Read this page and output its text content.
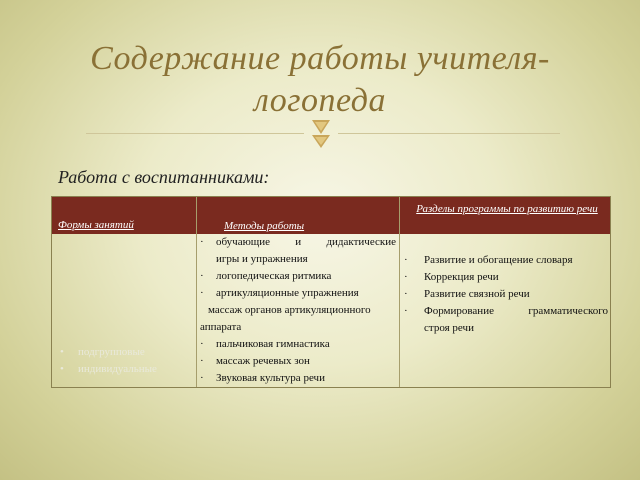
Содержание работы учителя-
логопеда
Работа с воспитанниками:
Формы занятий	Методы работы
Разделы программы по развитию речи
• подгрупповые
• индивидуальные
· обучающие и дидактические
игры и упражнения
· логопедическая ритмика
· артикуляционные упражнения
массаж органов артикуляционного
аппарата
· пальчиковая гимнастика
· массаж речевых зон
· Звуковая культура речи
· Развитие и обогащение словаря
· Коррекция речи
· Развитие связной речи
· Формирование грамматического
строя речи
